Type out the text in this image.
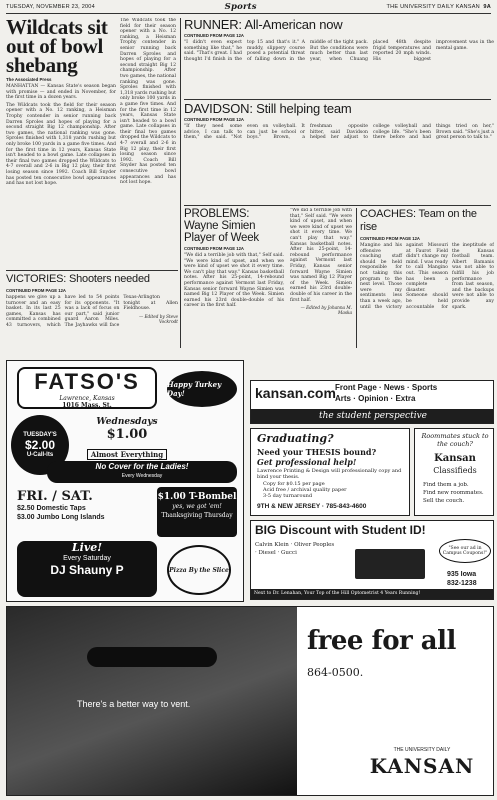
TUESDAY, NOVEMBER 23, 2004	Sports	THE UNIVERSITY DAILY KANSAN 9A
Wildcats sit out of bowl shebang
The Associated Press
MANHATTAN — Kansas State's season began with promise — and ended in November, for the first time in a dozen years.
The Wildcats took the field for their season opener with a No. 12 ranking, a Heisman Trophy contender in senior running back Darren Sproles and hopes of playing for a second straight Big 12 championship. After two games, the national ranking was gone. Sproles finished with 1,318 yards rushing but only broke 100 yards in a game five times. And for the first time in 12 years, Kansas State isn't headed to a bowl game. Late collapses in their final two games dropped the Wildcats to 4-7 overall and 2-6 in Big 12 play, their first losing season since 1992. Coach Bill Snyder has posted ten consecutive bowl appearances and has not lost hope.
The Wildcats took the field for their season opener with a No. 12 ranking, a Heisman Trophy contender in senior running back Darren Sproles and hopes of playing for a second straight Big 12 championship. After two games, the national ranking was gone. Sproles finished with 1,318 yards rushing but only broke 100 yards in a game five times. And for the first time in 12 years, Kansas State isn't headed to a bowl game. Late collapses in their final two games dropped the Wildcats to 4-7 overall and 2-6 in Big 12 play, their first losing season since 1992. Coach Bill Snyder has posted ten consecutive bowl appearances and has not lost hope.
RUNNER: All-American now
CONTINUED FROM PAGE 12A
"I didn't even expect something like that," he said. "That's great. I had thought I'd finish in the top 15 and that's it." A muddy, slippery course posed a potential threat of falling down in the middle of the tight pack. But the conditions were much better than last year, when Chuang placed 48th despite frigid temperatures and reported 20 mph winds. His biggest improvement was in the mental game.
DAVIDSON: Still helping team
CONTINUED FROM PAGE 12A
"If they need some advice, I can talk to them," she said. "Not even on volleyball. It can just be school or boys." Brown, a freshman opposite hitter, said Davidson helped her adjust to college volleyball and college life. "She's been there before and had things tried on her," Brown said. "She's just a great person to talk to."
PROBLEMS: Wayne Simien Player of Week
CONTINUED FROM PAGE 12A
"We did a terrible job with that," Self said. "We were kind of upset, and when we were kind of upset we shot it every time. We can't play that way." Kansas basketball notes. After his 25-point, 14-rebound performance against Vermont last Friday, Kansas senior forward Wayne Simien was named Big 12 Player of the Week. Simien earned his 23rd double-double of his career in the first half.
"We did a terrible job with that," Self said. "We were kind of upset, and when we were kind of upset we shot it every time. We can't play that way." Kansas basketball notes. After his 25-point, 14-rebound performance against Vermont last Friday, Kansas senior forward Wayne Simien was named Big 12 Player of the Week. Simien earned his 23rd double-double of his career in the first half.
— Edited by Johanna M. Maska
COACHES: Team on the rise
CONTINUED FROM PAGE 12A
Mangino and his offensive coaching staff should be held responsible for not taking this program to the next level. Those were my sentiments less than a week ago, until the victory against Missouri at Faurot Field didn't change my mind. I was ready to call Mangino out. This season has been a complete disaster. Someone should be held accountable for the ineptitude of the Kansas football team. Albert Bamanis was not able to fulfill his job performance from last season, and the backups were not able to provide any spark.
VICTORIES: Shooters needed
CONTINUED FROM PAGE 12A
happens we give up a turnover and an easy basket. In its last 25 games, Kansas has committed a combined 43 turnovers, which have led to 54 points for its opponents. "It was a lack of focus on our part," said junior guard Aaron Miles. The Jayhawks will face Texas-Arlington tonight at Allen Fieldhouse.
— Edited by Steve Vockrodt
FATSO'S
Lawrence, Kansas
1016 Mass. St.
Happy Turkey Day!
TUESDAY'S
$2.00
U-Call-Its
Wednesdays
$1.00
Almost Everything
No Cover for the Ladies!
Every Wednesday
FRI. / SAT.
$2.50 Domestic Taps
$3.00 Jumbo Long Islands
$1.00 T-Bombel
yes, we got 'em!
Thanksgiving Thursday
Live!
Every Saturday
DJ Shauny P	Pizza By the Slice
Front Page · News · Sports
Arts · Opinion · Extra
kansan.com
the student perspective
Graduating?
Need your THESIS bound?
Get professional help!
Lawrence Printing & Design will professionally copy and bind your thesis.
Copy for $0.15 per page
Acid free / archival quality paper
3-5 day turnaround
9TH & NEW JERSEY · 785-843-4600
Roommates stuck to the couch?
Kansan
Classifieds
Find them a job.
Find new roommates.
Sell the couch.
BIG Discount with Student ID!
Calvin Klein · Oliver Peoples · Diesel · Gucci
"See our ad in Campus Coupons!"
935 Iowa
832-1238
Next to Dr. Lenahan, Your Top of the Hill Optometrist 4 Years Running!
There's a better way to vent.
free for all
864-0500.
THE UNIVERSITY DAILY
KANSAN
